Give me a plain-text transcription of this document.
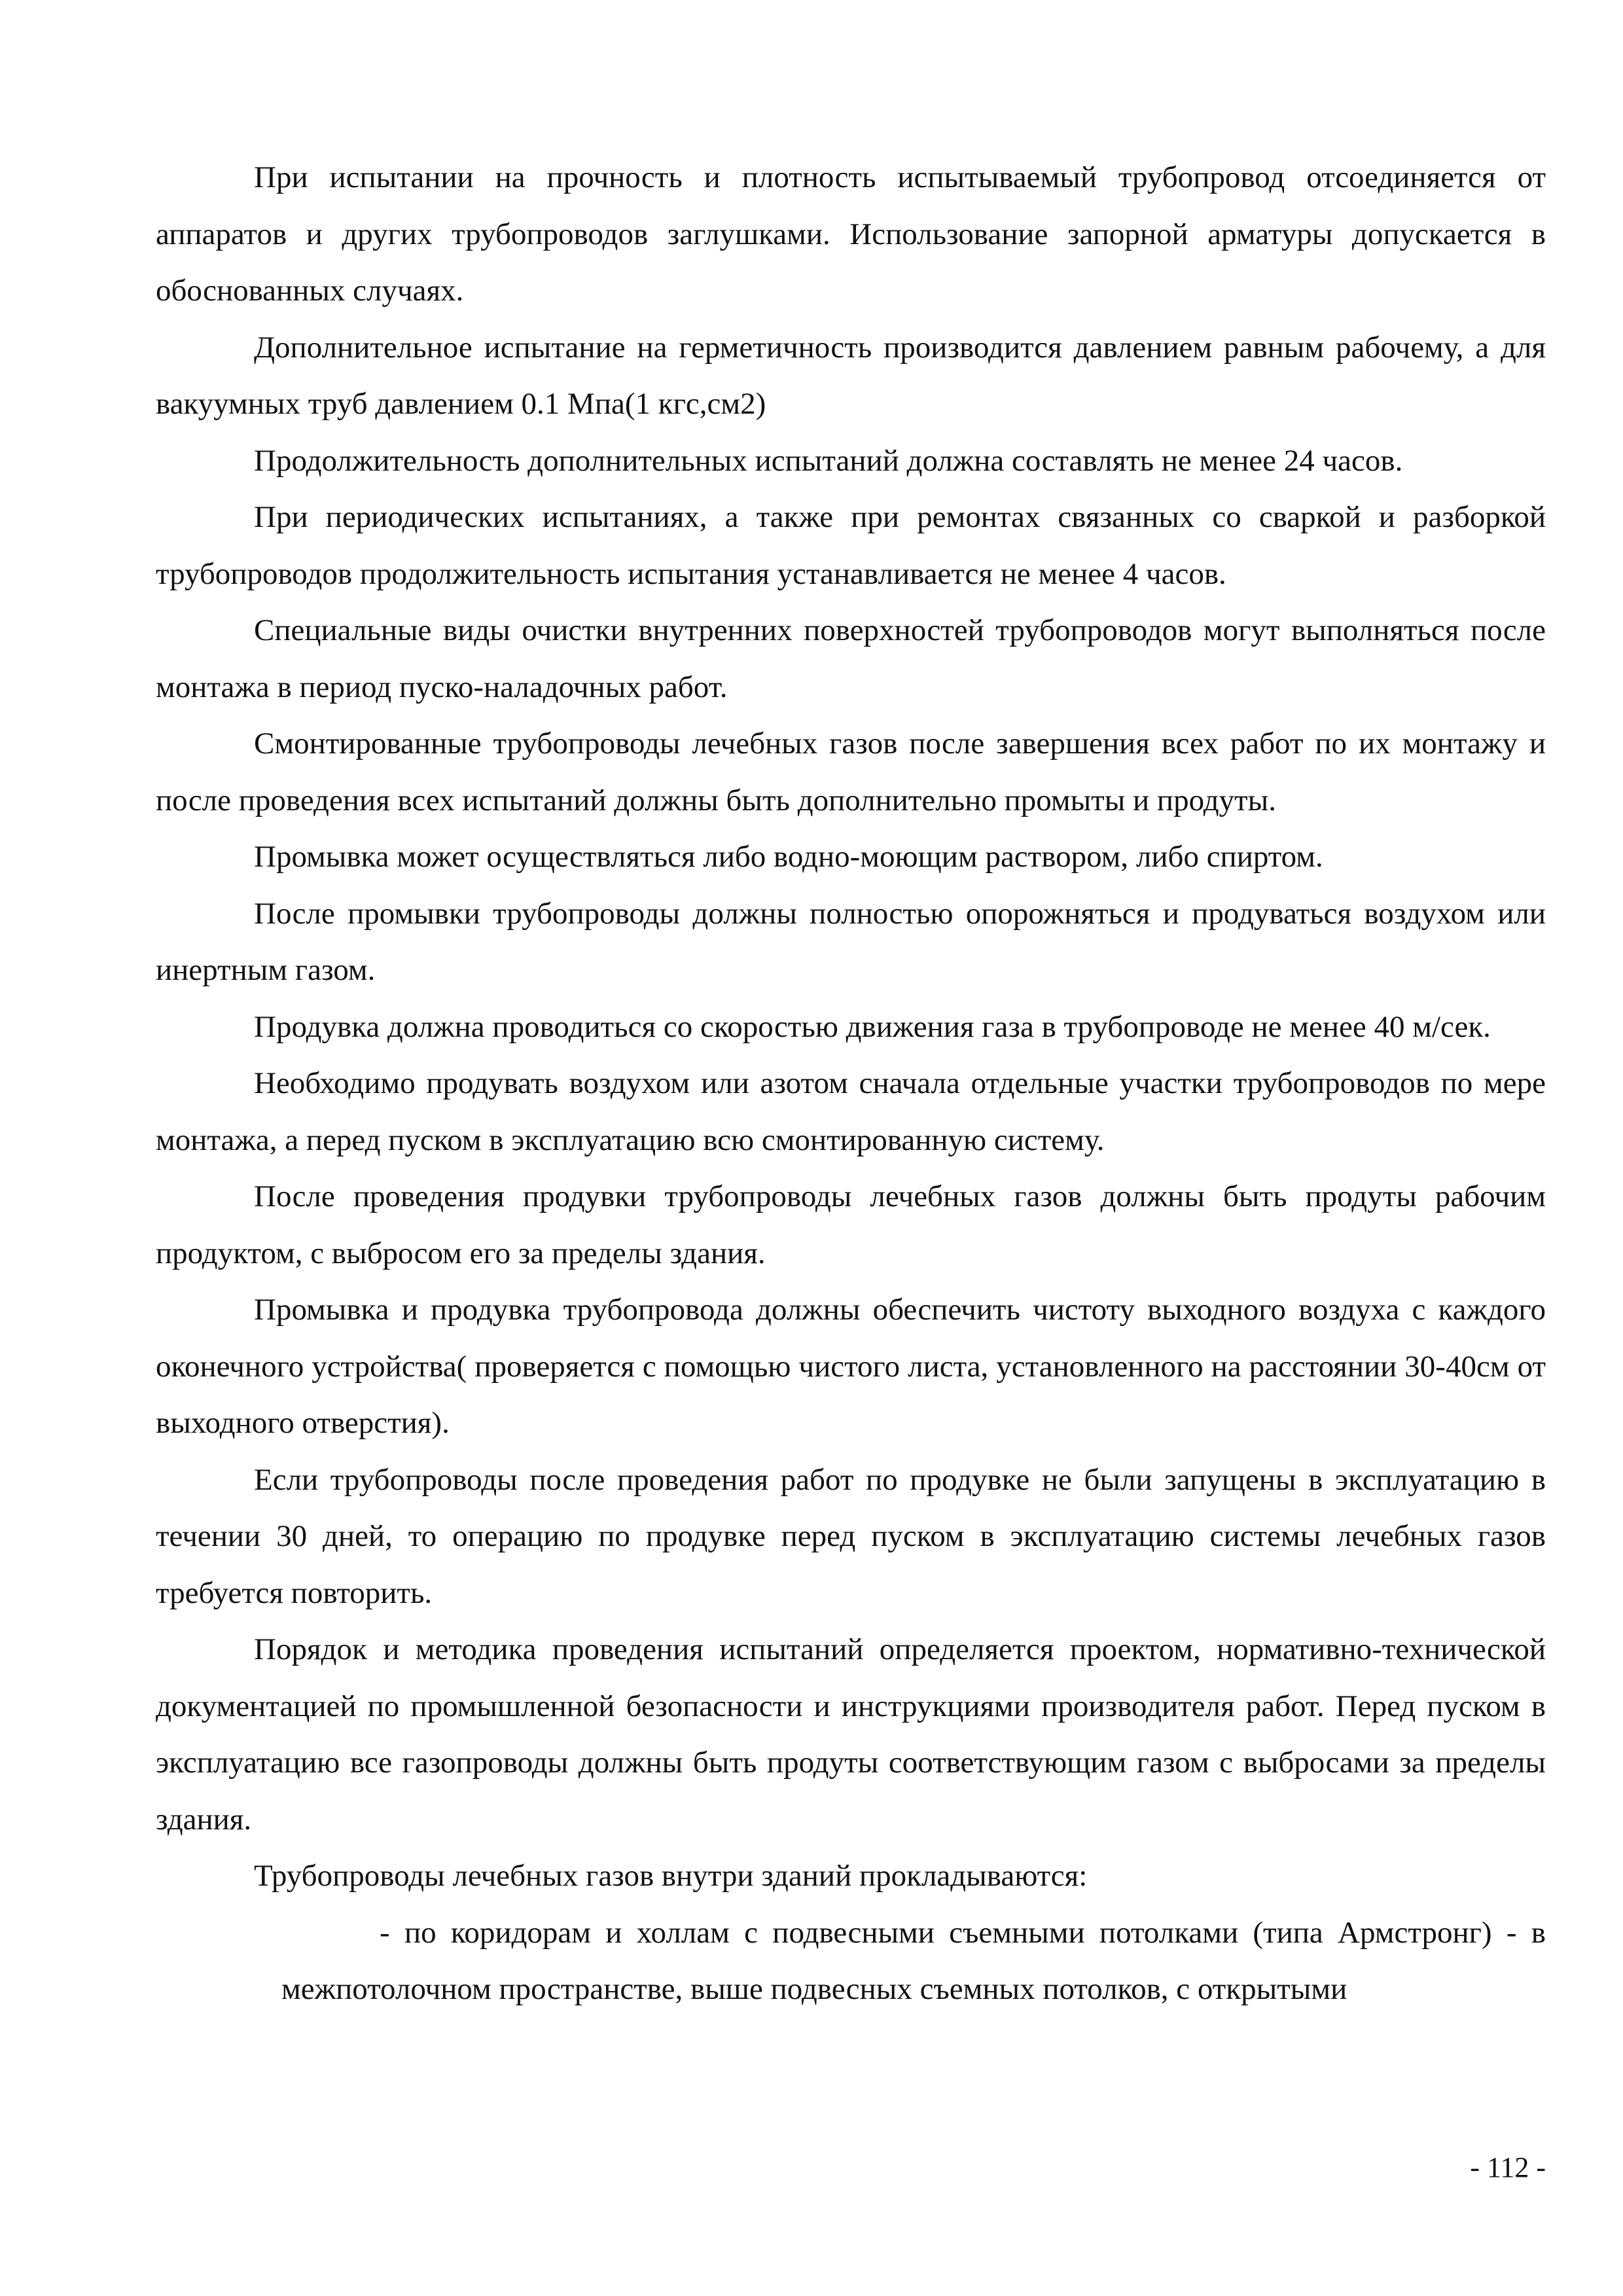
При испытании на прочность и плотность испытываемый трубопровод отсоединяется от аппаратов и других трубопроводов заглушками. Использование запорной арматуры допускается в обоснованных случаях.

Дополнительное испытание на герметичность производится давлением равным рабочему, а для вакуумных труб давлением 0.1 Мпа(1 кгс,см2)

Продолжительность дополнительных испытаний должна составлять не менее 24 часов.

При периодических испытаниях, а также при ремонтах связанных со сваркой и разборкой трубопроводов продолжительность испытания устанавливается не менее 4 часов.

Специальные виды очистки внутренних поверхностей трубопроводов могут выполняться после монтажа в период пуско-наладочных работ.

Смонтированные трубопроводы лечебных газов после завершения всех работ по их монтажу и после проведения всех испытаний должны быть дополнительно промыты и продуты.

Промывка может осуществляться либо водно-моющим раствором, либо спиртом.

После промывки трубопроводы должны полностью опорожняться и продуваться воздухом или инертным газом.

Продувка должна проводиться со скоростью движения газа в трубопроводе не менее 40 м/сек.

Необходимо продувать воздухом или азотом сначала отдельные участки трубопроводов по мере монтажа, а перед пуском в эксплуатацию всю смонтированную систему.

После проведения продувки трубопроводы лечебных газов должны быть продуты рабочим продуктом, с выбросом его за пределы здания.

Промывка и продувка трубопровода должны обеспечить чистоту выходного воздуха с каждого оконечного устройства( проверяется с помощью чистого листа, установленного на расстоянии 30-40см от выходного отверстия).

Если трубопроводы после проведения работ по продувке не были запущены в эксплуатацию в течении 30 дней, то операцию по продувке перед пуском в эксплуатацию системы лечебных газов требуется повторить.

Порядок и методика проведения испытаний определяется проектом, нормативно-технической документацией по промышленной безопасности и инструкциями производителя работ. Перед пуском в эксплуатацию все газопроводы должны быть продуты соответствующим газом с выбросами за пределы здания.

Трубопроводы лечебных газов внутри зданий прокладываются:

- по коридорам и холлам с подвесными съемными потолками (типа Армстронг) - в межпотолочном пространстве, выше подвесных съемных потолков, с открытыми

- 112 -
